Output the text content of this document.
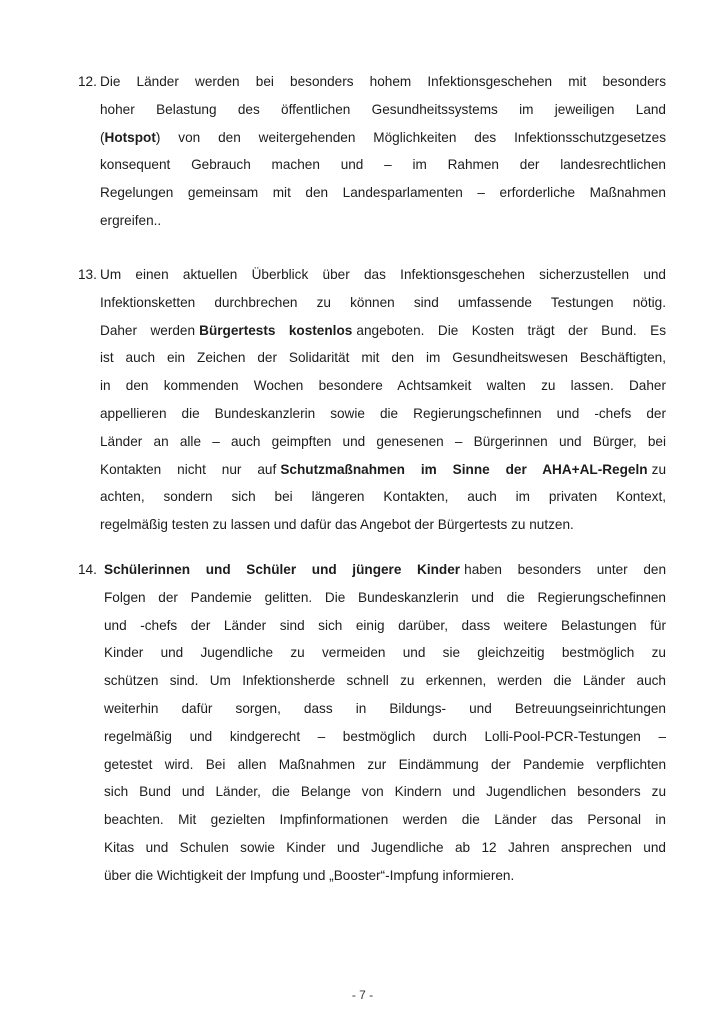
12. Die Länder werden bei besonders hohem Infektionsgeschehen mit besonders
hoher Belastung des öffentlichen Gesundheitssystems im jeweiligen Land
(Hotspot) von den weitergehenden Möglichkeiten des Infektionsschutzgesetzes
konsequent Gebrauch machen und – im Rahmen der landesrechtlichen
Regelungen gemeinsam mit den Landesparlamenten – erforderliche Maßnahmen
ergreifen..
13. Um einen aktuellen Überblick über das Infektionsgeschehen sicherzustellen und
Infektionsketten durchbrechen zu können sind umfassende Testungen nötig.
Daher werden Bürgertests kostenlos angeboten. Die Kosten trägt der Bund. Es
ist auch ein Zeichen der Solidarität mit den im Gesundheitswesen Beschäftigten,
in den kommenden Wochen besondere Achtsamkeit walten zu lassen. Daher
appellieren die Bundeskanzlerin sowie die Regierungschefinnen und -chefs der
Länder an alle – auch geimpften und genesenen – Bürgerinnen und Bürger, bei
Kontakten nicht nur auf Schutzmaßnahmen im Sinne der AHA+AL-Regeln zu
achten, sondern sich bei längeren Kontakten, auch im privaten Kontext,
regelmäßig testen zu lassen und dafür das Angebot der Bürgertests zu nutzen.
14. Schülerinnen und Schüler und jüngere Kinder haben besonders unter den
Folgen der Pandemie gelitten. Die Bundeskanzlerin und die Regierungschefinnen
und -chefs der Länder sind sich einig darüber, dass weitere Belastungen für
Kinder und Jugendliche zu vermeiden und sie gleichzeitig bestmöglich zu
schützen sind. Um Infektionsherde schnell zu erkennen, werden die Länder auch
weiterhin dafür sorgen, dass in Bildungs- und Betreuungseinrichtungen
regelmäßig und kindgerecht – bestmöglich durch Lolli-Pool-PCR-Testungen –
getestet wird. Bei allen Maßnahmen zur Eindämmung der Pandemie verpflichten
sich Bund und Länder, die Belange von Kindern und Jugendlichen besonders zu
beachten. Mit gezielten Impfinformationen werden die Länder das Personal in
Kitas und Schulen sowie Kinder und Jugendliche ab 12 Jahren ansprechen und
über die Wichtigkeit der Impfung und „Booster“-Impfung informieren.
- 7 -
